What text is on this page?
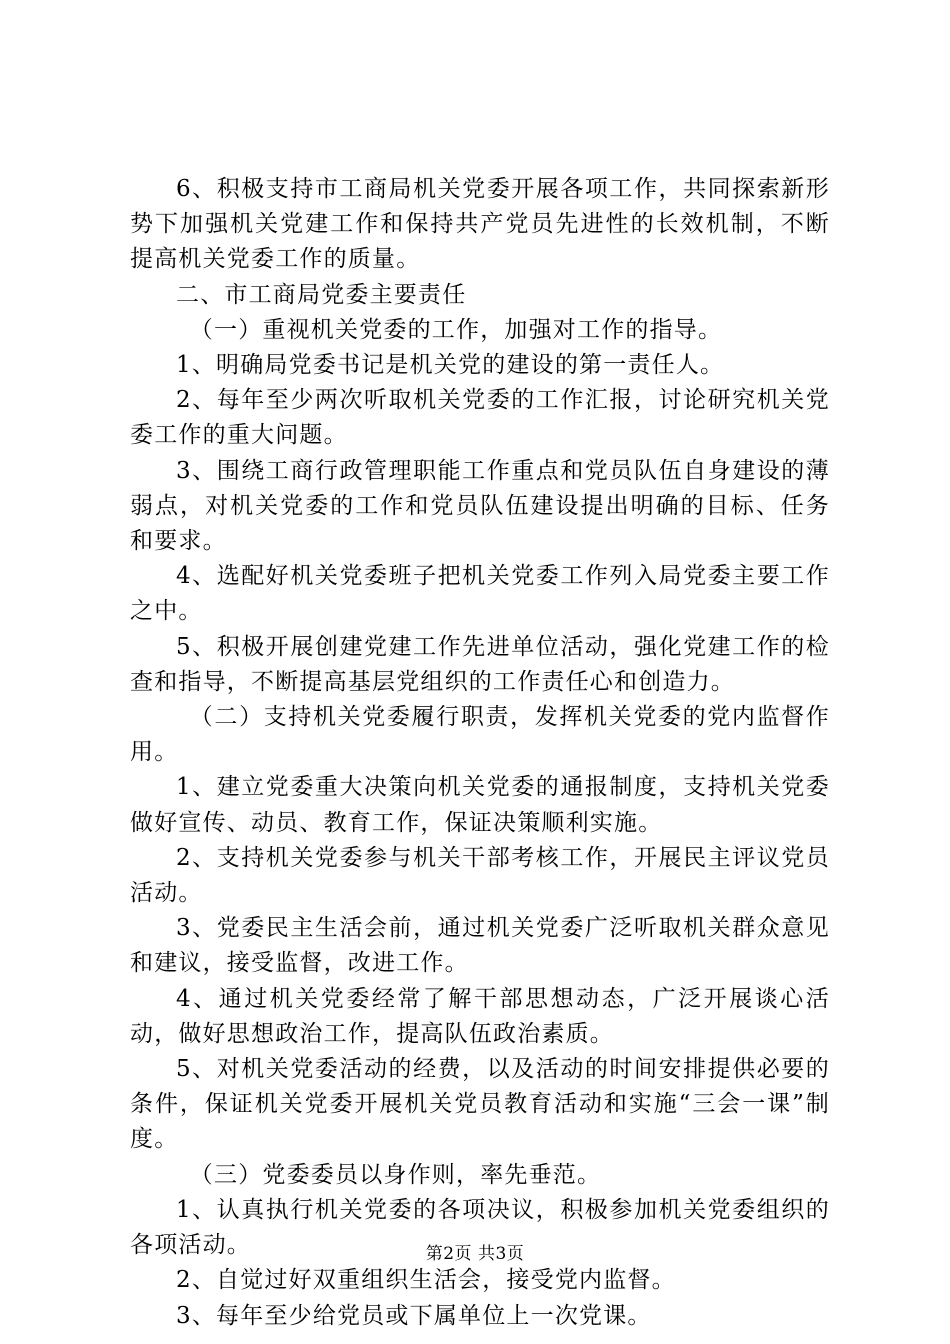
6、积极支持市工商局机关党委开展各项工作，共同探索新形势下加强机关党建工作和保持共产党员先进性的长效机制，不断提高机关党委工作的质量。

二、市工商局党委主要责任

（一）重视机关党委的工作，加强对工作的指导。

1、明确局党委书记是机关党的建设的第一责任人。

2、每年至少两次听取机关党委的工作汇报，讨论研究机关党委工作的重大问题。

3、围绕工商行政管理职能工作重点和党员队伍自身建设的薄弱点，对机关党委的工作和党员队伍建设提出明确的目标、任务和要求。

4、选配好机关党委班子把机关党委工作列入局党委主要工作之中。

5、积极开展创建党建工作先进单位活动，强化党建工作的检查和指导，不断提高基层党组织的工作责任心和创造力。

（二）支持机关党委履行职责，发挥机关党委的党内监督作用。

1、建立党委重大决策向机关党委的通报制度，支持机关党委做好宣传、动员、教育工作，保证决策顺利实施。

2、支持机关党委参与机关干部考核工作，开展民主评议党员活动。

3、党委民主生活会前，通过机关党委广泛听取机关群众意见和建议，接受监督，改进工作。

4、通过机关党委经常了解干部思想动态，广泛开展谈心活动，做好思想政治工作，提高队伍政治素质。

5、对机关党委活动的经费，以及活动的时间安排提供必要的条件，保证机关党委开展机关党员教育活动和实施“三会一课”制度。

（三）党委委员以身作则，率先垂范。

1、认真执行机关党委的各项决议，积极参加机关党委组织的各项活动。

2、自觉过好双重组织生活会，接受党内监督。

3、每年至少给党员或下属单位上一次党课。

第2页 共3页
